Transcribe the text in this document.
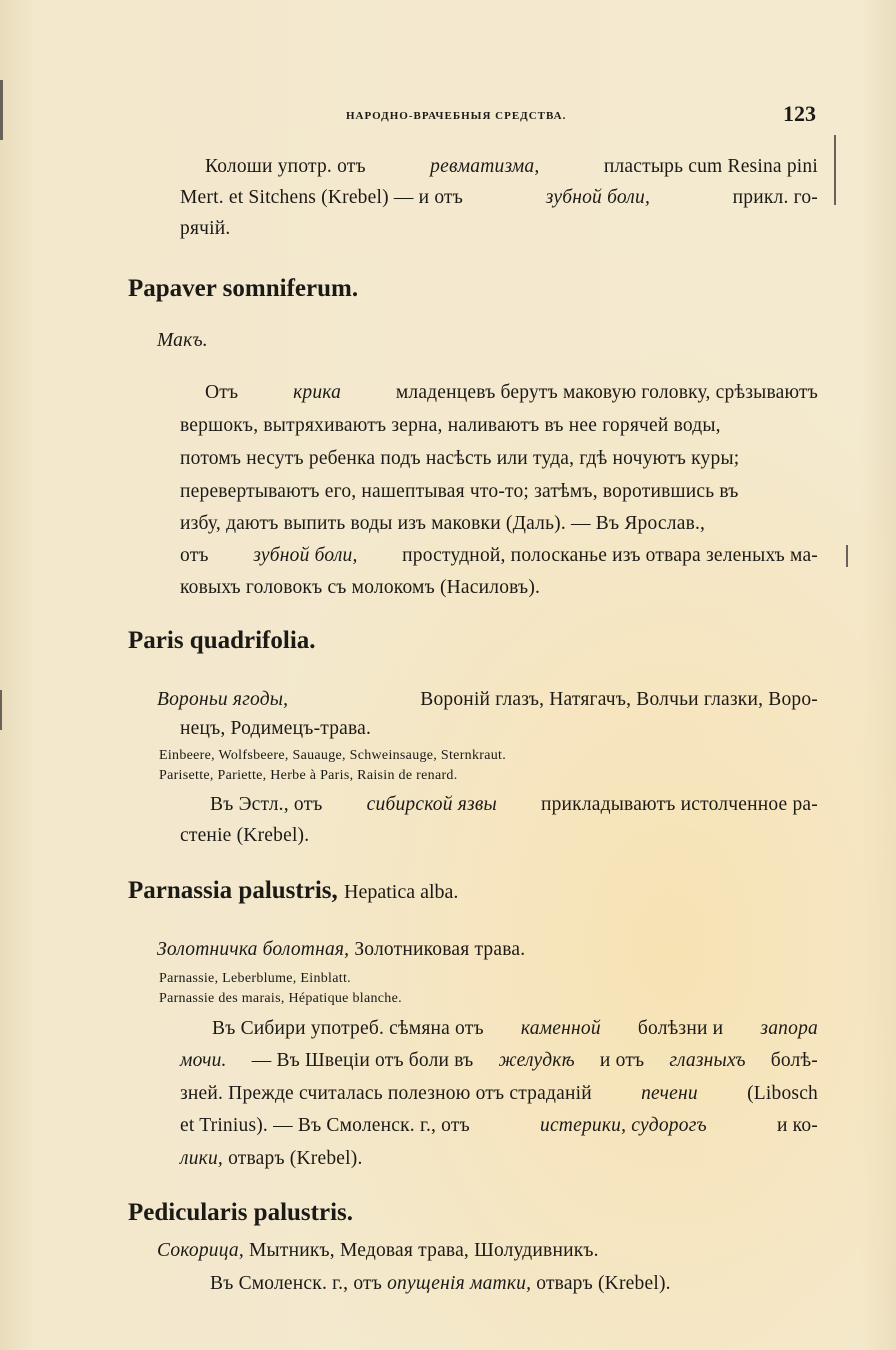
НАРОДНО-ВРАЧЕБНЫЯ СРЕДСТВА.	123
Колоши употр. отъ	ревматизма,	пластырь cum Resina pini
Mert. et Sitchens (Krebel) — и отъ	зубной боли,	прикл. го-
рячій.
Papaver somniferum.
Макъ.
Отъ	крика	младенцевъ берутъ маковую головку, срѣзываютъ
вершокъ, вытряхиваютъ зерна, наливаютъ въ нее горячей воды,
потомъ несутъ ребенка подъ насѣсть или туда, гдѣ ночуютъ куры;
перевертываютъ его, нашептывая что-то; затѣмъ, воротившись въ
избу, даютъ выпить воды изъ маковки (Даль). — Въ Ярослав.,
отъ зубной боли, простудной, полосканье изъ отвара зеленыхъ ма-
ковыхъ головокъ съ молокомъ (Насиловъ).
Paris quadrifolia.
Вороньи ягоды,	Вороній глазъ, Натягачъ, Волчьи глазки, Воро-
нецъ, Родимецъ-трава.
Einbeere, Wolfsbeere, Sauauge, Schweinsauge, Sternkraut.
Parisette, Pariette, Herbe à Paris, Raisin de renard.
Въ Эстл., отъ сибирской язвы прикладываютъ истолченное ра-
стеніе (Krebel).
Parnassia palustris, Hepatica alba.
Золотничка болотная, Золотниковая трава.
Parnassie, Leberblume, Einblatt.
Parnassie des marais, Hépatique blanche.
Въ Сибири употреб. сѣмяна отъ каменной болѣзни и запора
мочи. — Въ Швеціи отъ боли въ желудкѣ и отъ глазныхъ болѣ-
зней. Прежде считалась полезною отъ страданій	печени	(Libosch
et Trinius). — Въ Смоленск. г., отъ	истерики, судорогъ	и ко-
лики, отваръ (Krebel).
Pedicularis palustris.
Сокорица, Мытникъ, Медовая трава, Шолудивникъ.
Въ Смоленск. г., отъ опущенія матки, отваръ (Krebel).
